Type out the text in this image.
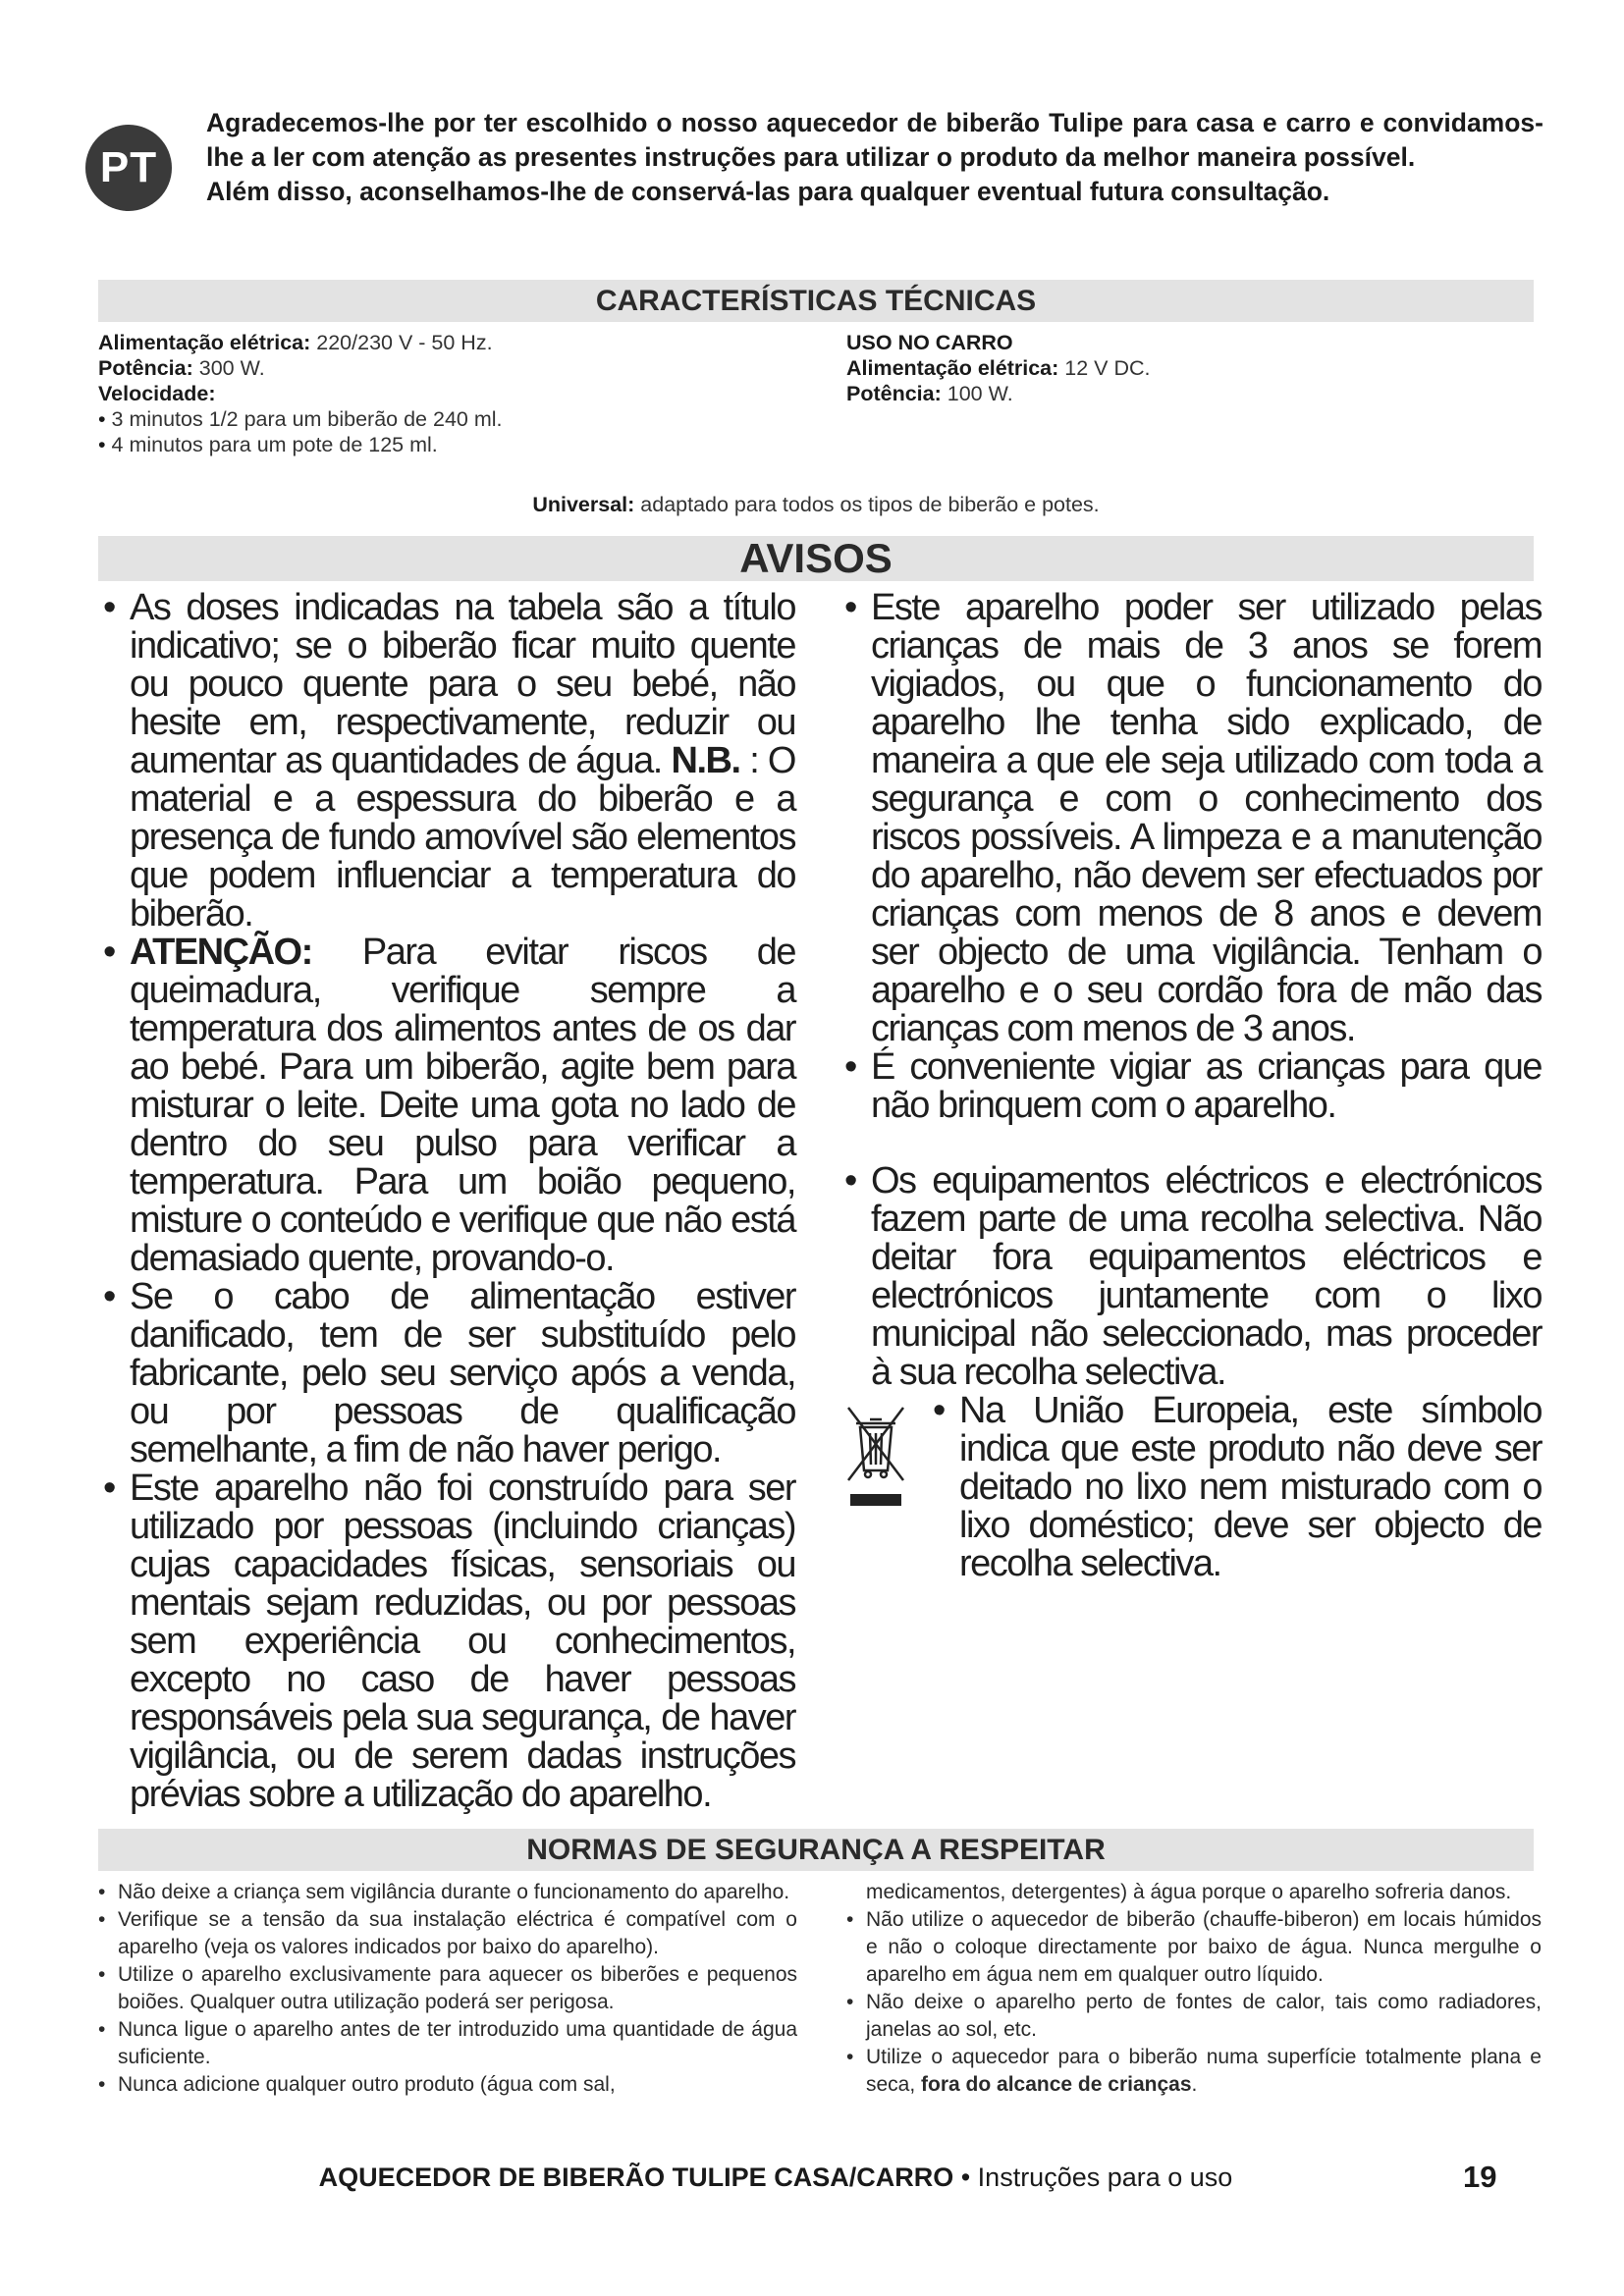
PT

Agradecemos-lhe por ter escolhido o nosso aquecedor de biberão Tulipe para casa e carro e convidamos-lhe a ler com atenção as presentes instruções para utilizar o produto da melhor maneira possível.

Além disso, aconselhamos-lhe de conservá-las para qualquer eventual futura consultação.

CARACTERÍSTICAS TÉCNICAS
Alimentação elétrica: 220/230 V - 50 Hz.
Potência: 300 W.
Velocidade:
• 3 minutos 1/2 para um biberão de 240 ml.
• 4 minutos para um pote de 125 ml.
USO NO CARRO
Alimentação elétrica: 12 V DC.
Potência: 100 W.
Universal: adaptado para todos os tipos de biberão e potes.
AVISOS

• As doses indicadas na tabela são a título indicativo; se o biberão ficar muito quente ou pouco quente para o seu bebé, não hesite em, respectivamente, reduzir ou aumentar as quantidades de água. N.B. : O material e a espessura do biberão e a presença de fundo amovível são elementos que podem influenciar a temperatura do biberão.

• ATENÇÃO: Para evitar riscos de queimadura, verifique sempre a temperatura dos alimentos antes de os dar ao bebé. Para um biberão, agite bem para misturar o leite. Deite uma gota no lado de dentro do seu pulso para verificar a temperatura. Para um boião pequeno, misture o conteúdo e verifique que não está demasiado quente, provando-o.

• Se o cabo de alimentação estiver danificado, tem de ser substituído pelo fabricante, pelo seu serviço após a venda, ou por pessoas de qualificação semelhante, a fim de não haver perigo.

• Este aparelho não foi construído para ser utilizado por pessoas (incluindo crianças) cujas capacidades físicas, sensoriais ou mentais sejam reduzidas, ou por pessoas sem experiência ou conhecimentos, excepto no caso de haver pessoas responsáveis pela sua segurança, de haver vigilância, ou de serem dadas instruções prévias sobre a utilização do aparelho.

• Este aparelho poder ser utilizado pelas crianças de mais de 3 anos se forem vigiados, ou que o funcionamento do aparelho lhe tenha sido explicado, de maneira a que ele seja utilizado com toda a segurança e com o conhecimento dos riscos possíveis. A limpeza e a manutenção do aparelho, não devem ser efectuados por crianças com menos de 8 anos e devem ser objecto de uma vigilância. Tenham o aparelho e o seu cordão fora de mão das crianças com menos de 3 anos.

• É conveniente vigiar as crianças para que não brinquem com o aparelho.

• Os equipamentos eléctricos e electrónicos fazem parte de uma recolha selectiva. Não deitar fora equipamentos eléctricos e electrónicos juntamente com o lixo municipal não seleccionado, mas proceder à sua recolha selectiva.

• Na União Europeia, este símbolo indica que este produto não deve ser deitado no lixo nem misturado com o lixo doméstico; deve ser objecto de recolha selectiva.

NORMAS DE SEGURANÇA A RESPEITAR

• Não deixe a criança sem vigilância durante o funcionamento do aparelho.

• Verifique se a tensão da sua instalação eléctrica é compatível com o aparelho (veja os valores indicados por baixo do aparelho).

• Utilize o aparelho exclusivamente para aquecer os biberões e pequenos boiões. Qualquer outra utilização poderá ser perigosa.

• Nunca ligue o aparelho antes de ter introduzido uma quantidade de água suficiente.

• Nunca adicione qualquer outro produto (água com sal,

medicamentos, detergentes) à água porque o aparelho sofreria danos.

• Não utilize o aquecedor de biberão (chauffe-biberon) em locais húmidos e não o coloque directamente por baixo de água. Nunca mergulhe o aparelho em água nem em qualquer outro líquido.

• Não deixe o aparelho perto de fontes de calor, tais como radiadores, janelas ao sol, etc.

• Utilize o aquecedor para o biberão numa superfície totalmente plana e seca, fora do alcance de crianças.

AQUECEDOR DE BIBERÃO TULIPE CASA/CARRO • Instruções para o uso	19
